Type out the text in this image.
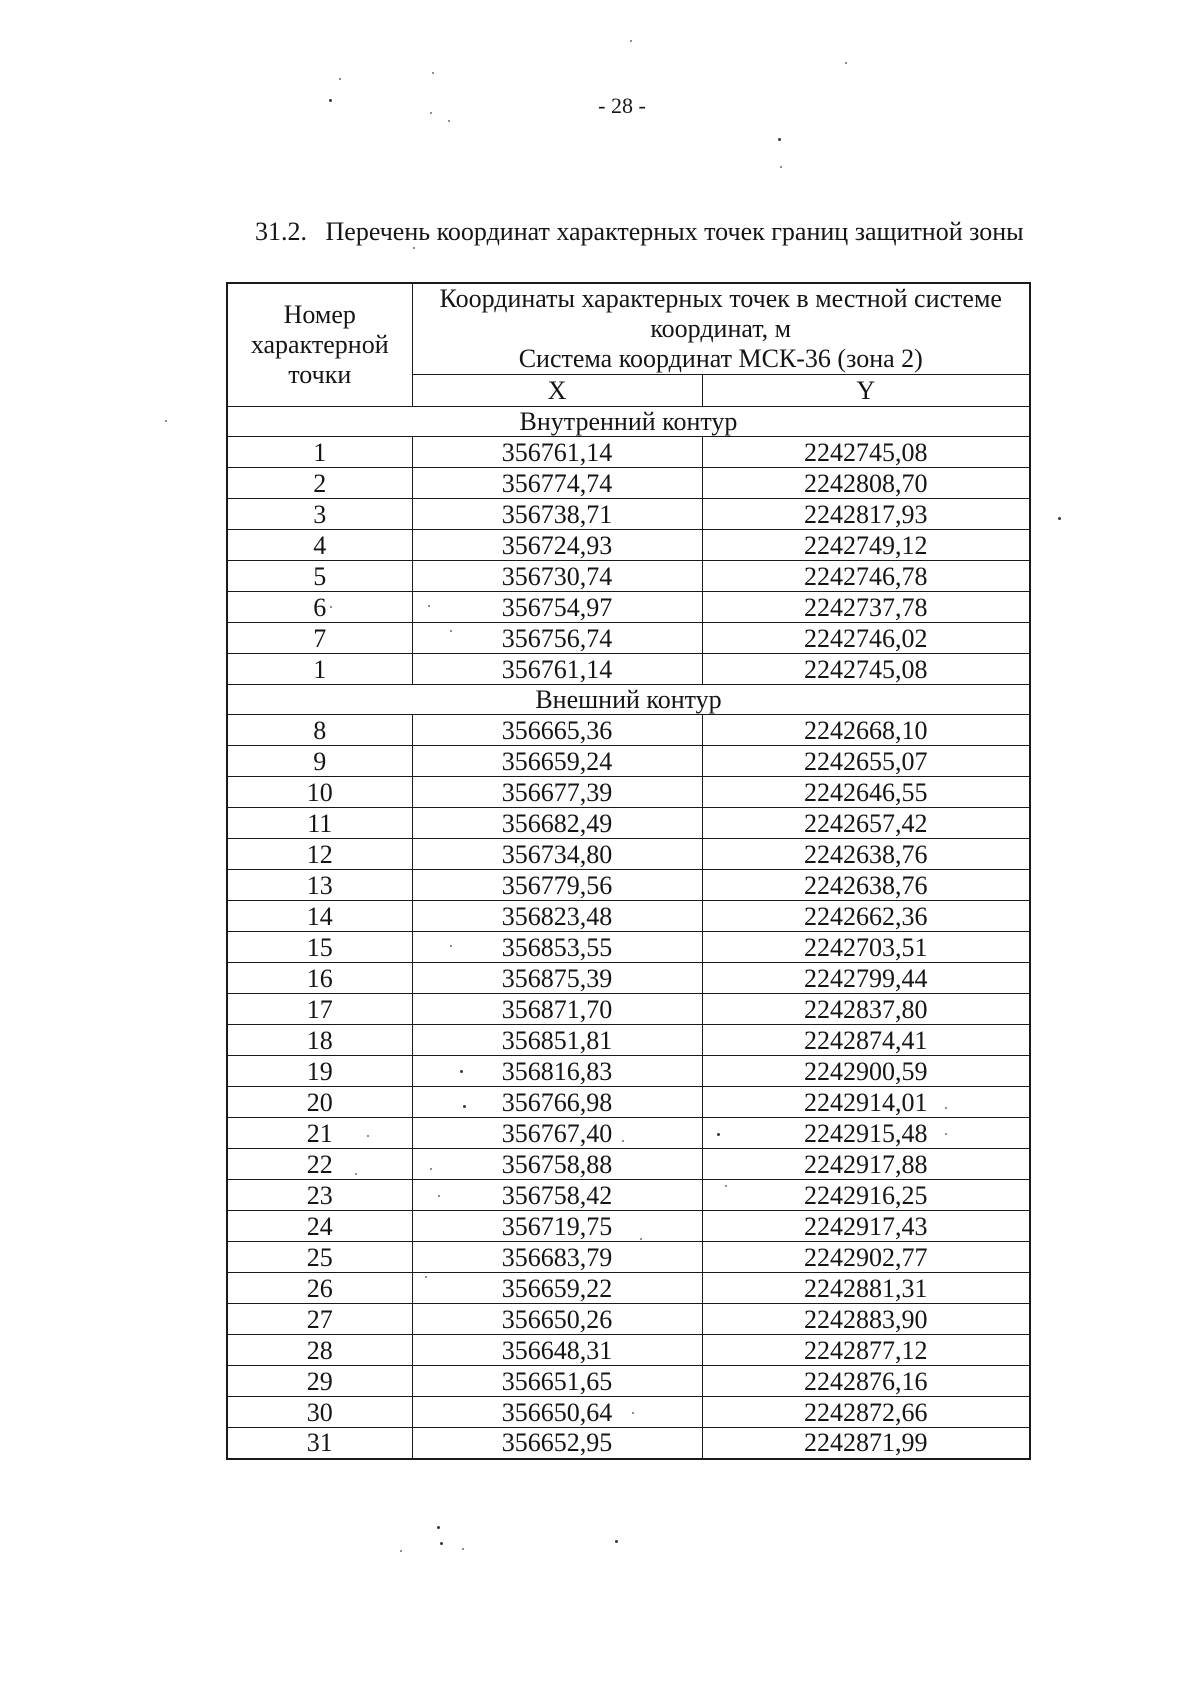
- 28 -
31.2. Перечень координат характерных точек границ защитной зоны
Номер характерной точки	Координаты характерных точек в местной системе координат, м
Система координат МСК-36 (зона 2)	

	X	Y
Внутренний контур		
1	356761,14	2242745,08
2	356774,74	2242808,70
3	356738,71	2242817,93
4	356724,93	2242749,12
5	356730,74	2242746,78
6	356754,97	2242737,78
7	356756,74	2242746,02
1	356761,14	2242745,08
Внешний контур		
8	356665,36	2242668,10
9	356659,24	2242655,07
10	356677,39	2242646,55
11	356682,49	2242657,42
12	356734,80	2242638,76
13	356779,56	2242638,76
14	356823,48	2242662,36
15	356853,55	2242703,51
16	356875,39	2242799,44
17	356871,70	2242837,80
18	356851,81	2242874,41
19	356816,83	2242900,59
20	356766,98	2242914,01
21	356767,40	2242915,48
22	356758,88	2242917,88
23	356758,42	2242916,25
24	356719,75	2242917,43
25	356683,79	2242902,77
26	356659,22	2242881,31
27	356650,26	2242883,90
28	356648,31	2242877,12
29	356651,65	2242876,16
30	356650,64	2242872,66
31	356652,95	2242871,99
